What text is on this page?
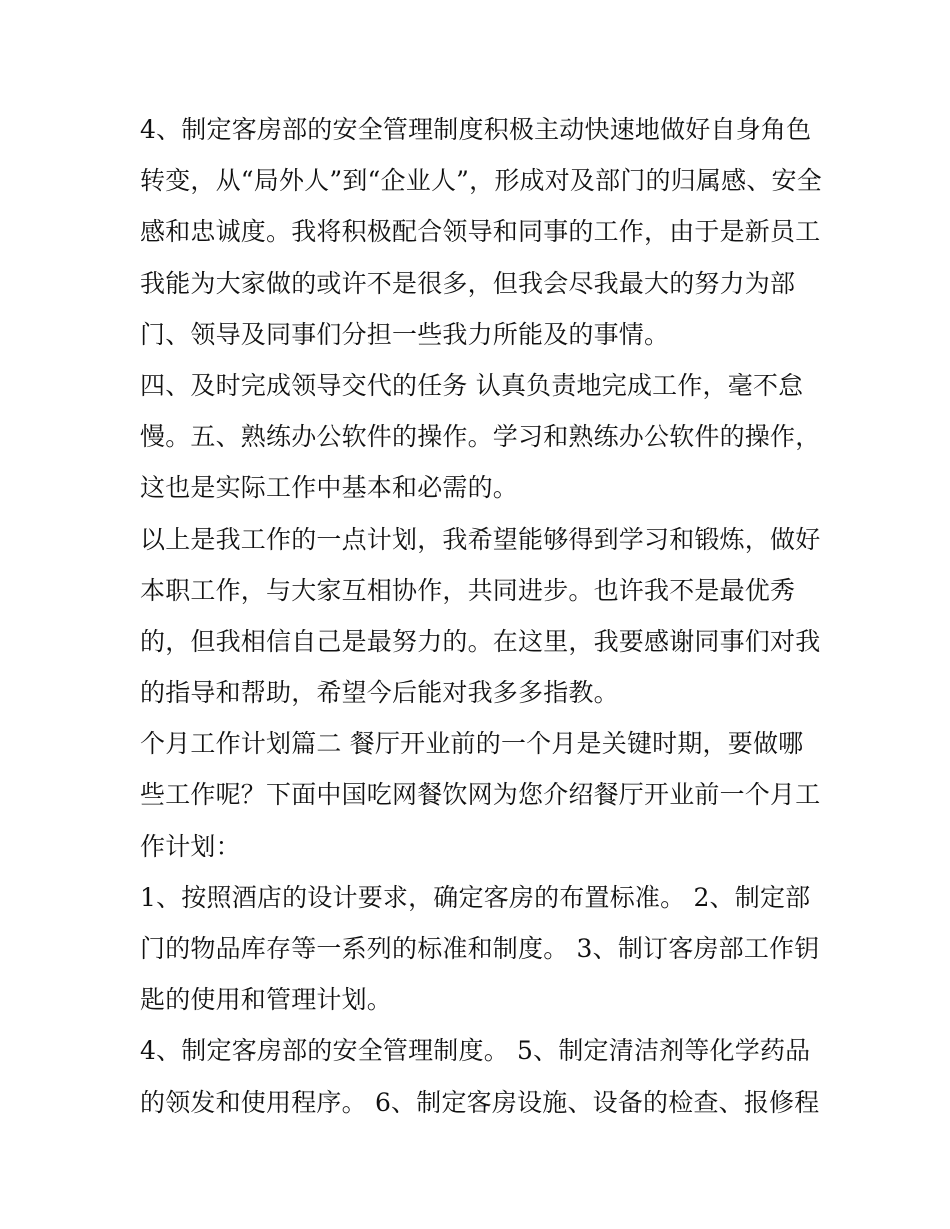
4、制定客房部的安全管理制度积极主动快速地做好自身角色

转变，从“局外人”到“企业人”，形成对及部门的归属感、安全

感和忠诚度。我将积极配合领导和同事的工作，由于是新员工

我能为大家做的或许不是很多，但我会尽我最大的努力为部

门、领导及同事们分担一些我力所能及的事情。

四、及时完成领导交代的任务 认真负责地完成工作，毫不怠

慢。五、熟练办公软件的操作。学习和熟练办公软件的操作，

这也是实际工作中基本和必需的。

以上是我工作的一点计划，我希望能够得到学习和锻炼，做好

本职工作，与大家互相协作，共同进步。也许我不是最优秀

的，但我相信自己是最努力的。在这里，我要感谢同事们对我

的指导和帮助，希望今后能对我多多指教。

个月工作计划篇二 餐厅开业前的一个月是关键时期，要做哪

些工作呢？下面中国吃网餐饮网为您介绍餐厅开业前一个月工

作计划：

1、按照酒店的设计要求，确定客房的布置标准。 2、制定部

门的物品库存等一系列的标准和制度。 3、制订客房部工作钥

匙的使用和管理计划。

4、制定客房部的安全管理制度。 5、制定清洁剂等化学药品

的领发和使用程序。 6、制定客房设施、设备的检查、报修程
